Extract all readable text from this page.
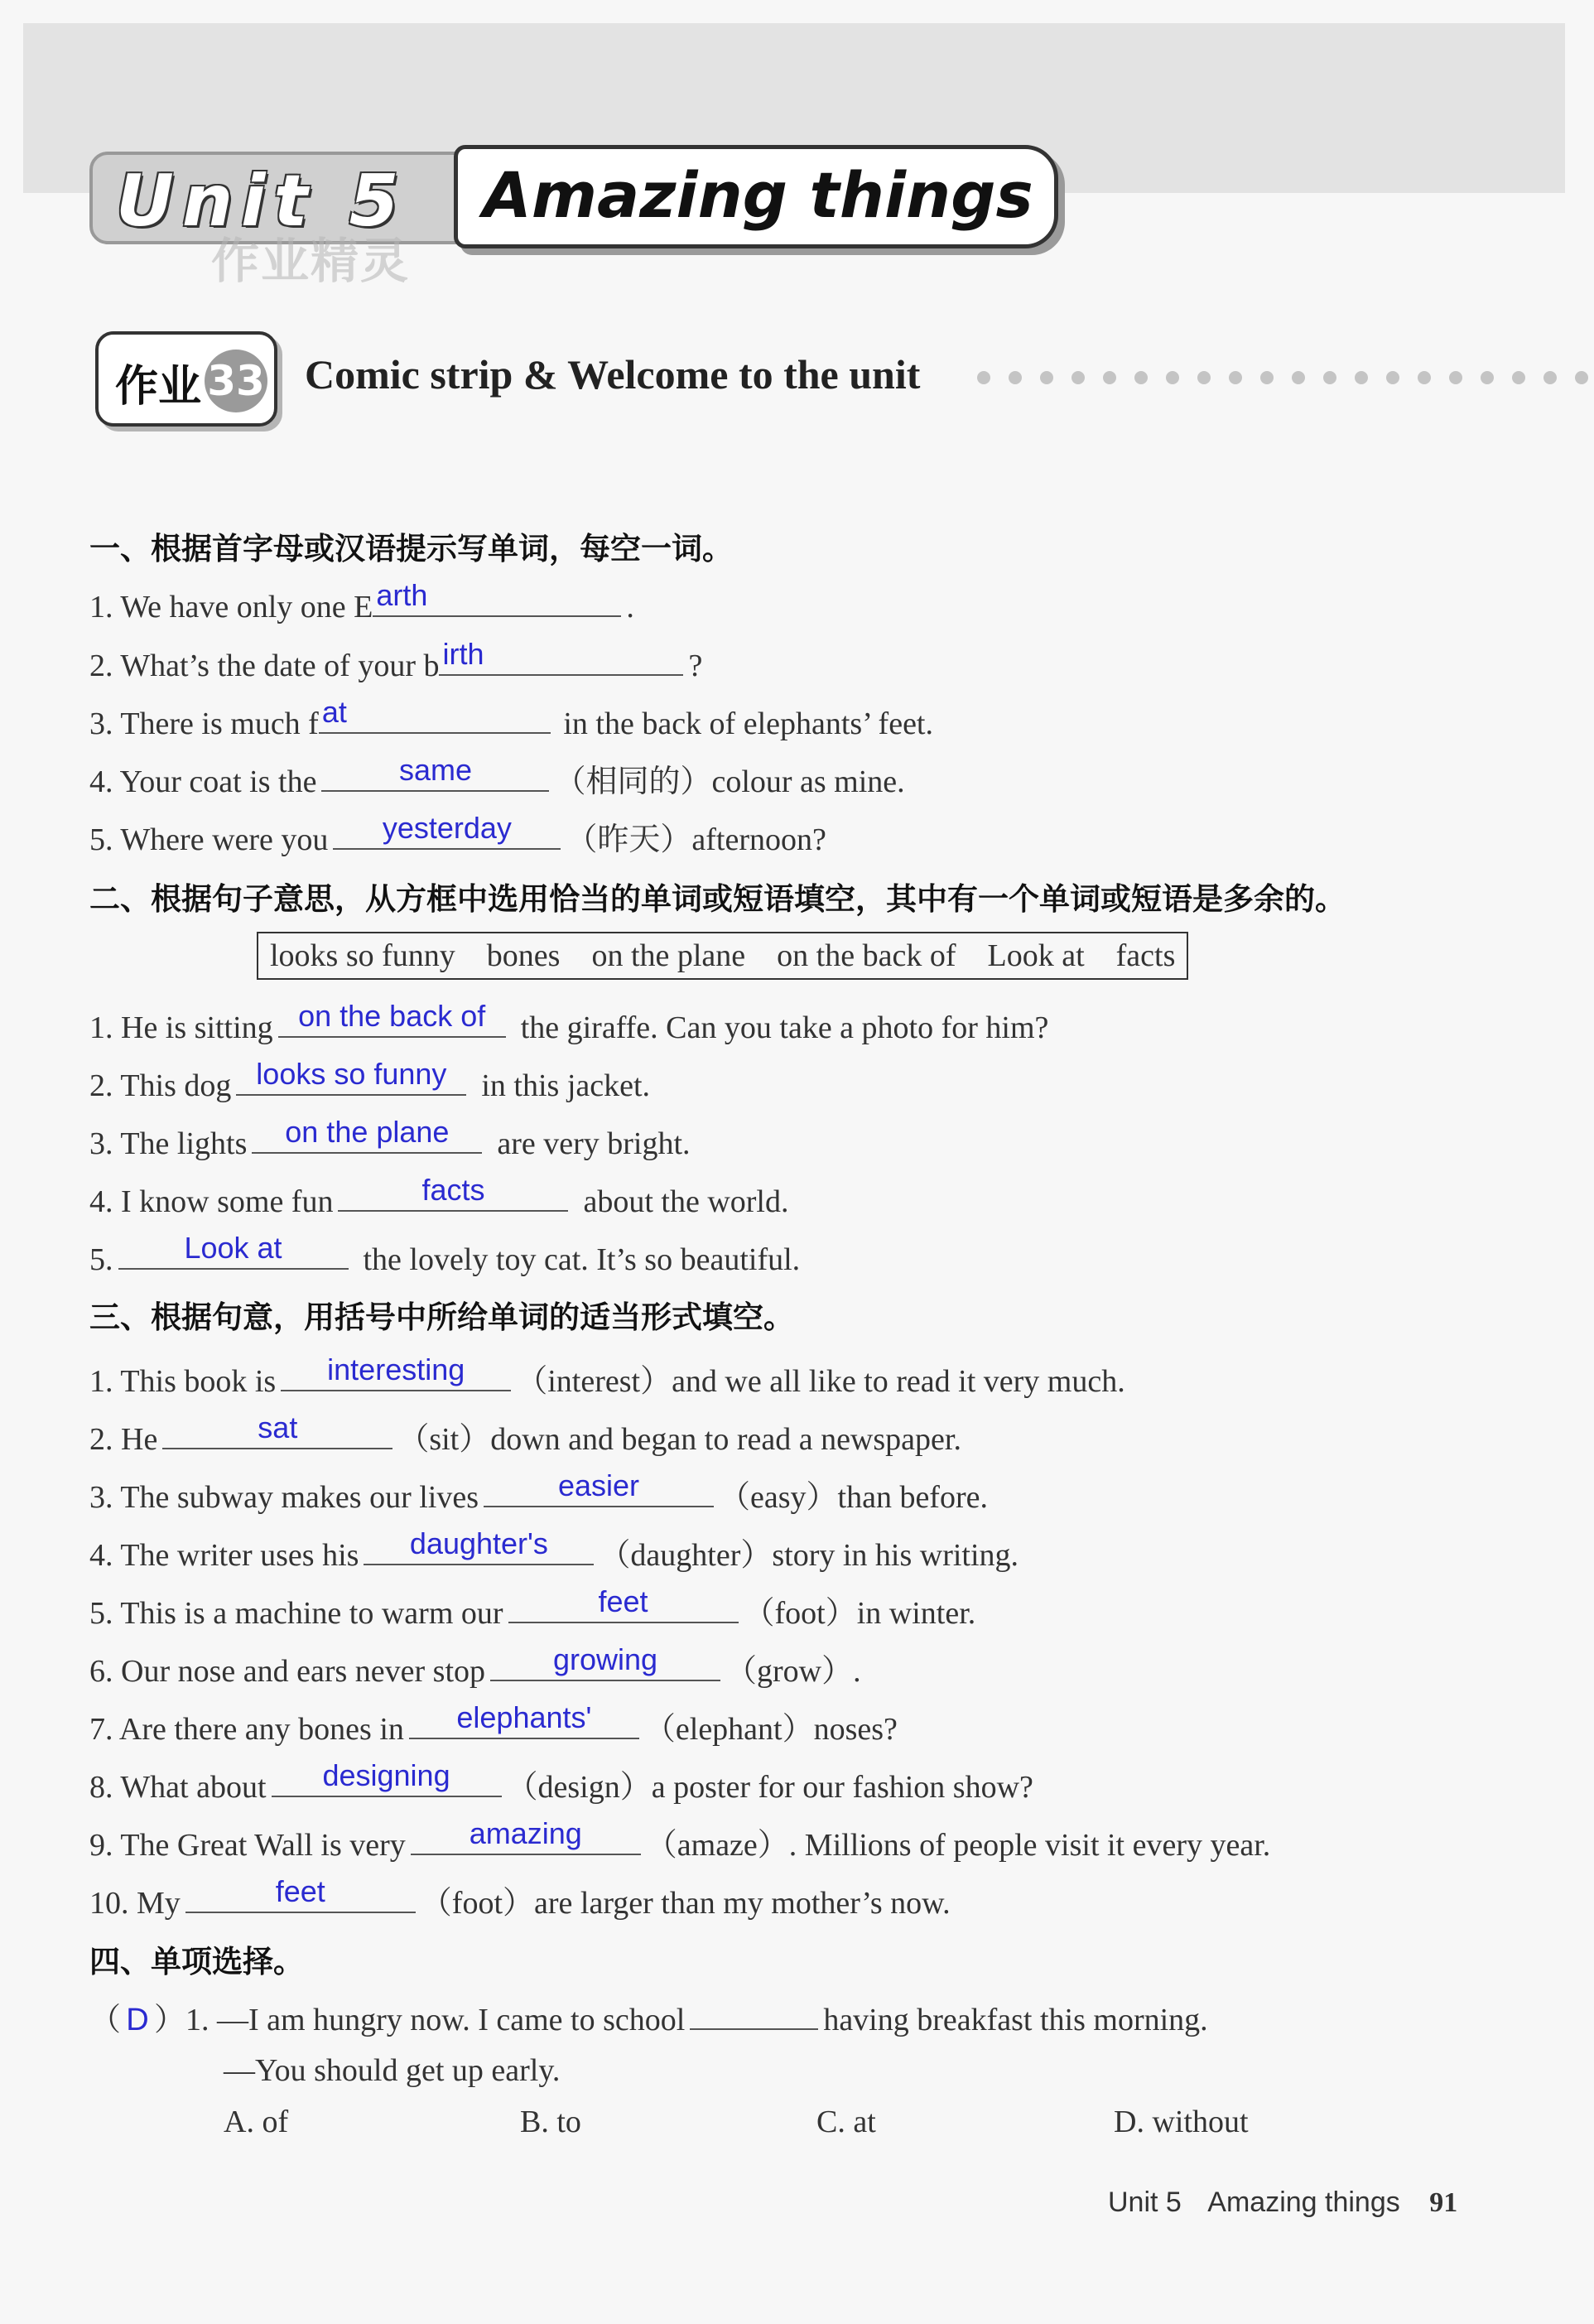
Unit 5	Amazing things
作业精灵
作业 33 Comic strip & Welcome to the unit
一、根据首字母或汉语提示写单词，每空一词。
1. We have only one E arth	.
2. What’s the date of your b irth	?
3. There is much f at	in the back of elephants’ feet.
4. Your coat is the	same	（相同的）colour as mine.
5. Where were you	yesterday	（昨天）afternoon?
二、根据句子意思，从方框中选用恰当的单词或短语填空，其中有一个单词或短语是多余的。
looks so funny bones on the plane on the back of Look at facts
1. He is sitting on the back of	the giraffe. Can you take a photo for him?
2. This dog looks so funny	in this jacket.
3. The lights	on the plane	are very bright.
4. I know some fun	facts	about the world.
5.	Look at	the lovely toy cat. It’s so beautiful.
三、根据句意，用括号中所给单词的适当形式填空。
1. This book is	interesting	（interest）and we all like to read it very much.
2. He	sat	（sit）down and began to read a newspaper.
3. The subway makes our lives	easier	（easy）than before.
4. The writer uses his	daughter's	（daughter）story in his writing.
5. This is a machine to warm our	feet	（foot）in winter.
6. Our nose and ears never stop	growing	（grow）.
7. Are there any bones in	elephants'	（elephant）noses?
8. What about	designing	（design）a poster for our fashion show?
9. The Great Wall is very	amazing	（amaze）. Millions of people visit it every year.
10. My	feet	（foot）are larger than my mother’s now.
四、单项选择。
（ D ）1. —I am hungry now. I came to school	having breakfast this morning.
—You should get up early.
A. of	B. to	C. at	D. without
Unit 5 Amazing things 91
